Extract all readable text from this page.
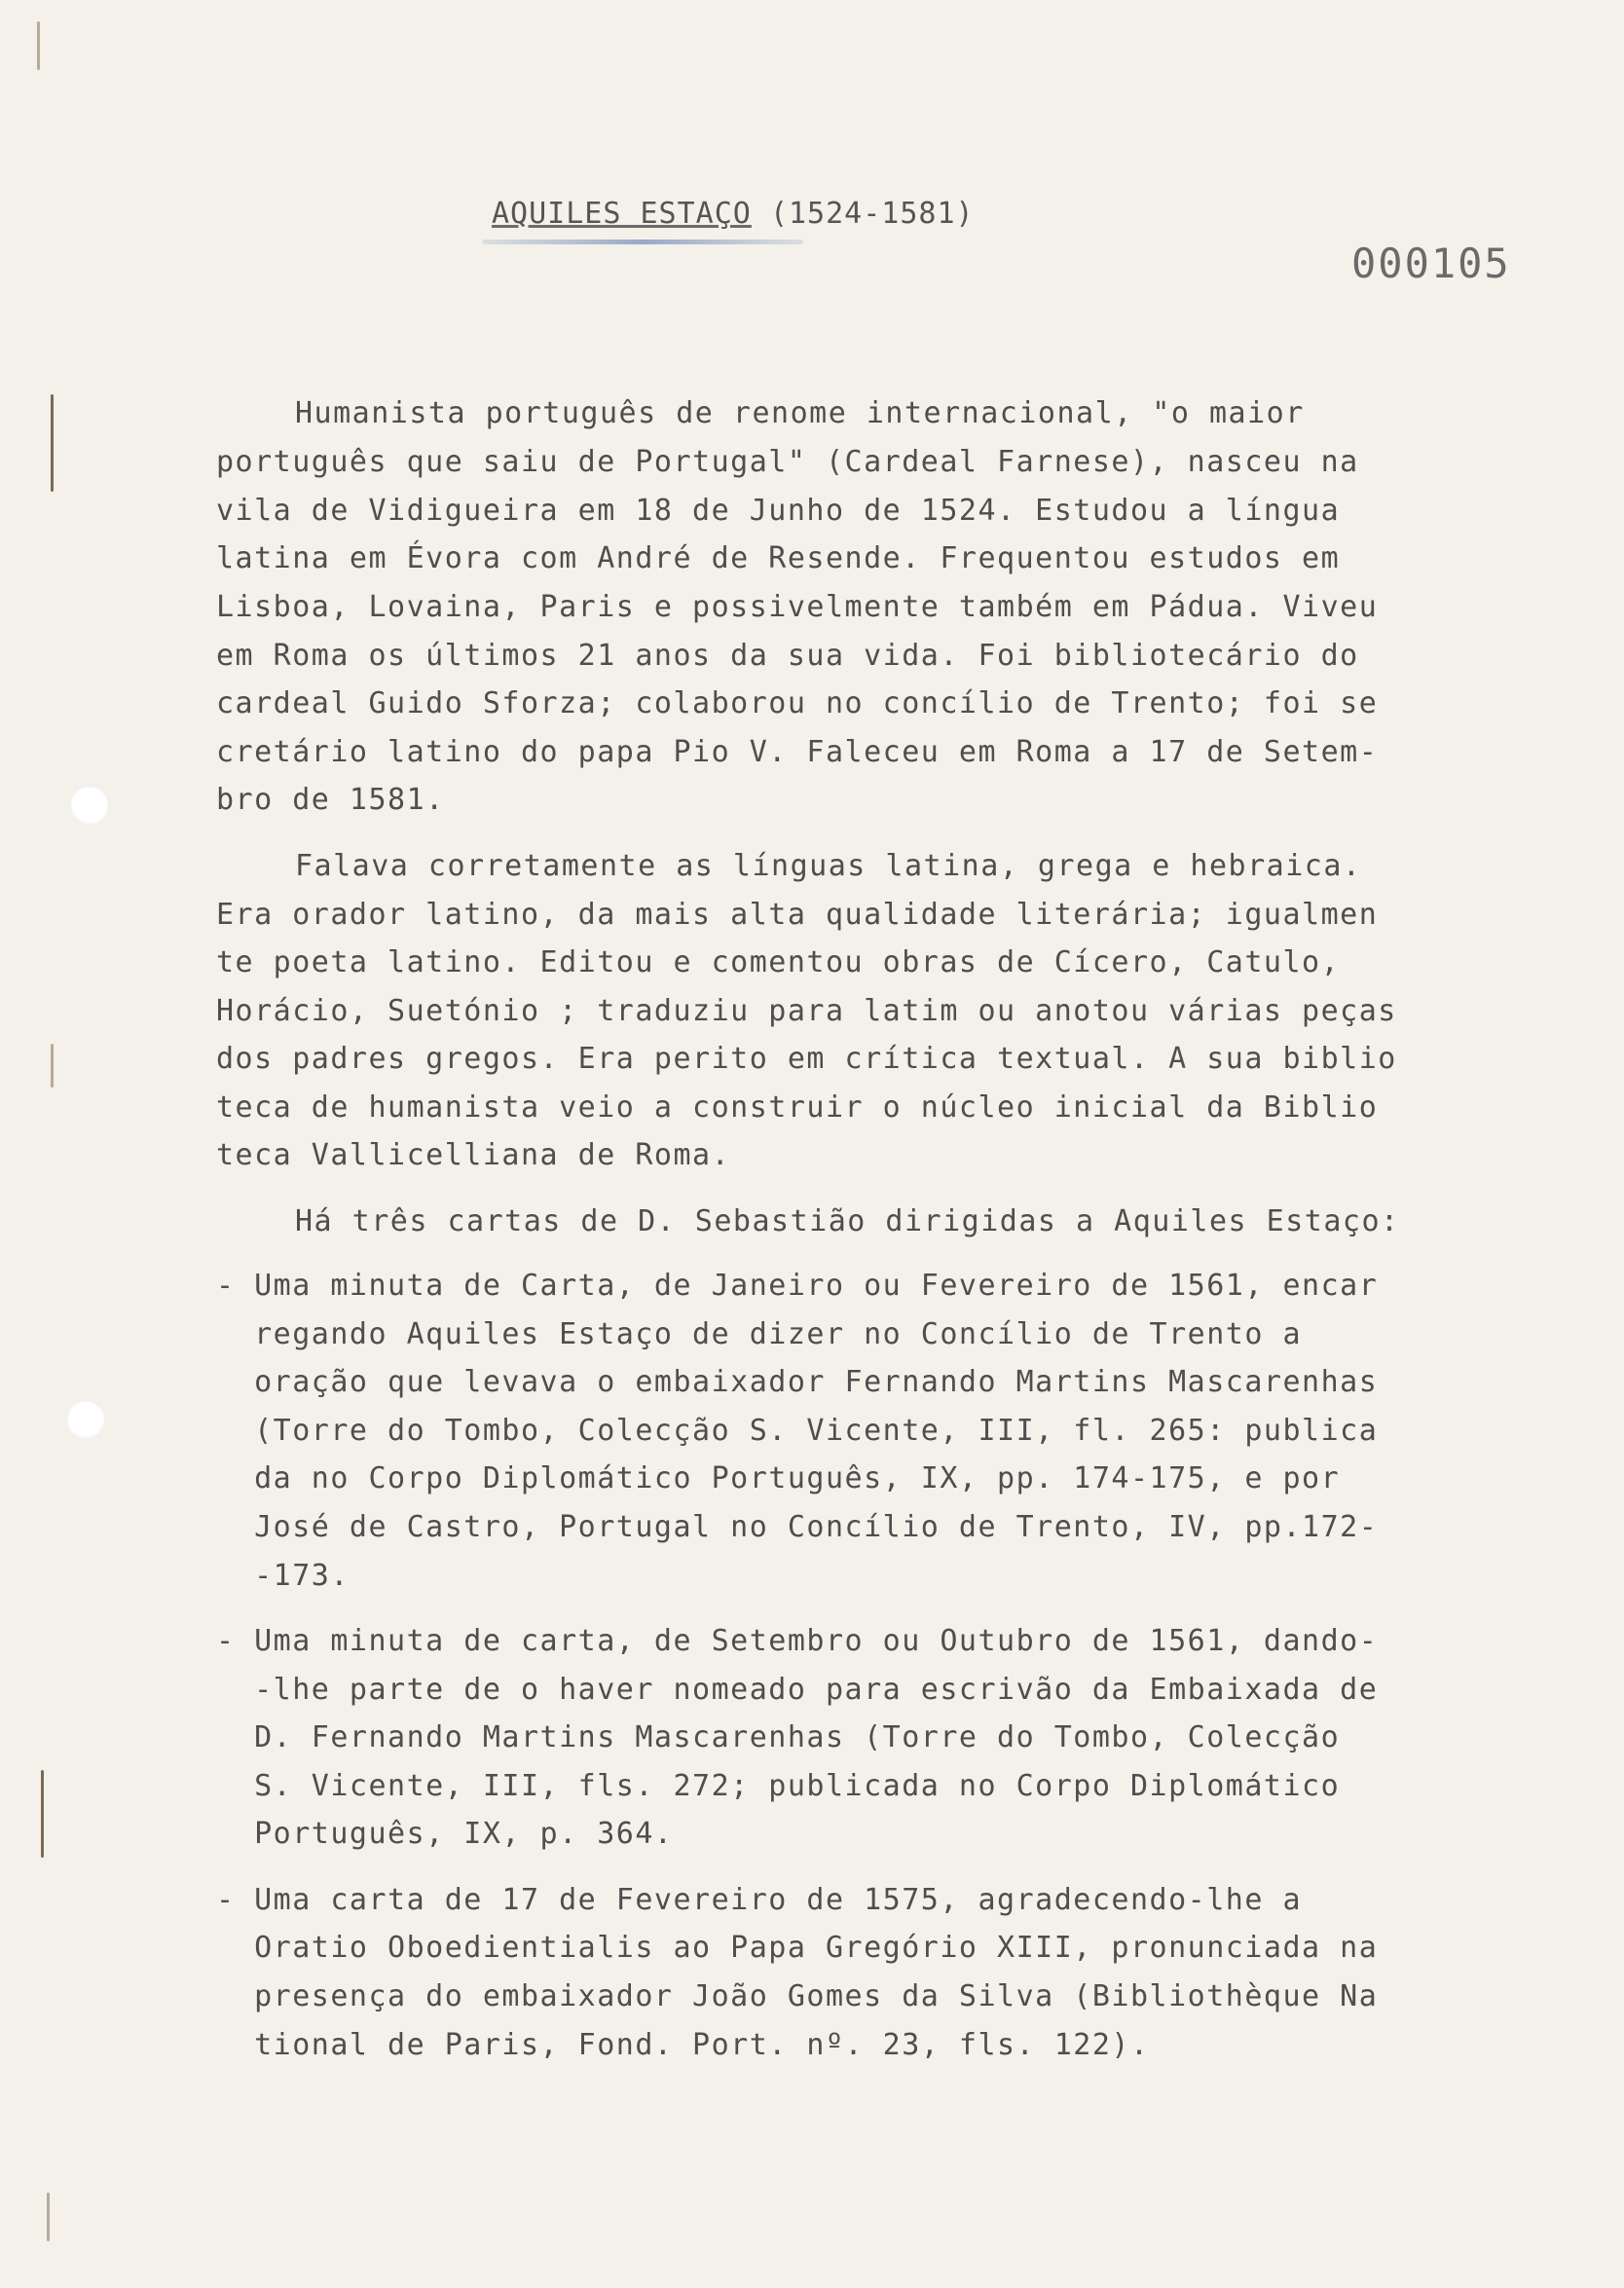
AQUILES ESTAÇO (1524-1581)
000105
Humanista português de renome internacional, "o maior
português que saiu de Portugal" (Cardeal Farnese), nasceu na
vila de Vidigueira em 18 de Junho de 1524. Estudou a língua
latina em Évora com André de Resende. Frequentou estudos em
Lisboa, Lovaina, Paris e possivelmente também em Pádua. Viveu
em Roma os últimos 21 anos da sua vida. Foi bibliotecário do
cardeal Guido Sforza; colaborou no concílio de Trento; foi se
cretário latino do papa Pio V. Faleceu em Roma a 17 de Setem-
bro de 1581.
Falava corretamente as línguas latina, grega e hebraica.
Era orador latino, da mais alta qualidade literária; igualmen
te poeta latino. Editou e comentou obras de Cícero, Catulo,
Horácio, Suetónio ; traduziu para latim ou anotou várias peças
dos padres gregos. Era perito em crítica textual. A sua biblio
teca de humanista veio a construir o núcleo inicial da Biblio
teca Vallicelliana de Roma.
Há três cartas de D. Sebastião dirigidas a Aquiles Estaço:
- Uma minuta de Carta, de Janeiro ou Fevereiro de 1561, encar
regando Aquiles Estaço de dizer no Concílio de Trento a
oração que levava o embaixador Fernando Martins Mascarenhas
(Torre do Tombo, Colecção S. Vicente, III, fl. 265: publica
da no Corpo Diplomático Português, IX, pp. 174-175, e por
José de Castro, Portugal no Concílio de Trento, IV, pp.172-
-173.
- Uma minuta de carta, de Setembro ou Outubro de 1561, dando-
-lhe parte de o haver nomeado para escrivão da Embaixada de
D. Fernando Martins Mascarenhas (Torre do Tombo, Colecção
S. Vicente, III, fls. 272; publicada no Corpo Diplomático
Português, IX, p. 364.
- Uma carta de 17 de Fevereiro de 1575, agradecendo-lhe a
Oratio Oboedientialis ao Papa Gregório XIII, pronunciada na
presença do embaixador João Gomes da Silva (Bibliothèque Na
tional de Paris, Fond. Port. nº. 23, fls. 122).
